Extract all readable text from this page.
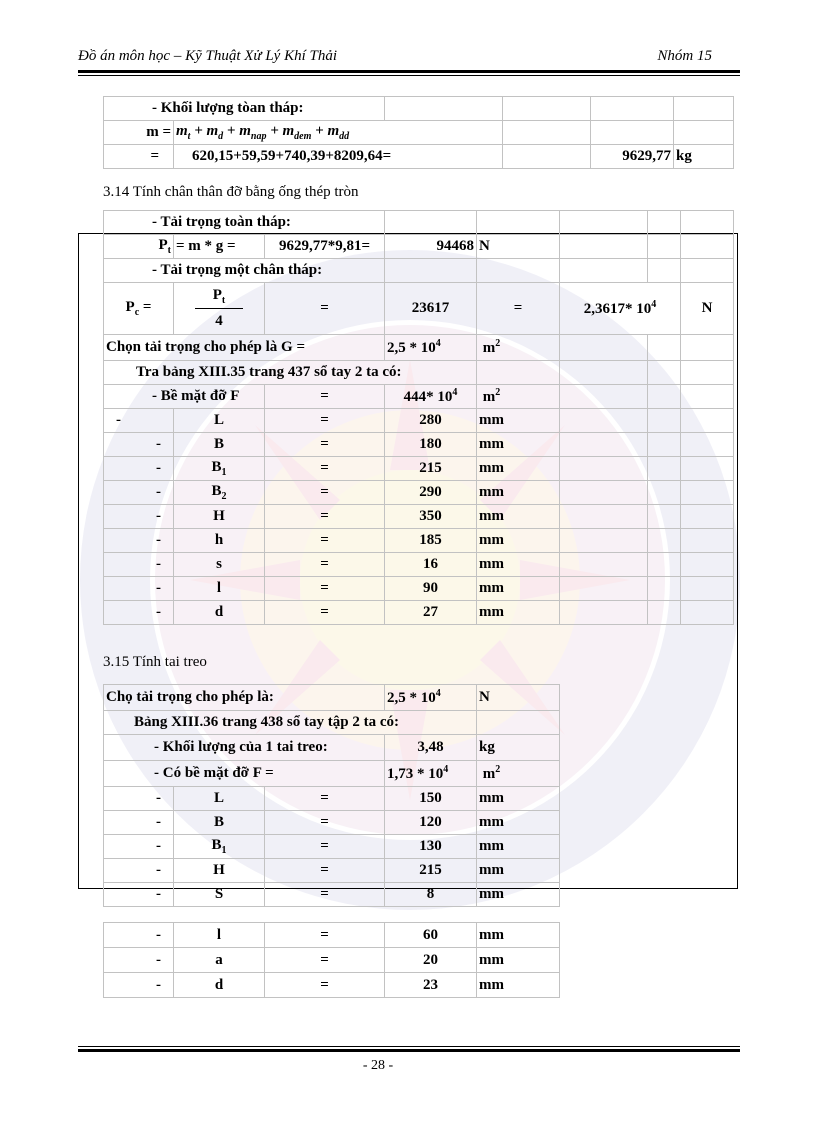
Đồ án môn học – Kỹ Thuật Xử Lý Khí Thải	Nhóm 15
- Khối lượng tòan tháp:					
m =	$m_t + m_d + m_{nap} + m_{dem} + m_{dd}$			
=	620,15+59,59+740,39+8209,64=			9629,77	kg
3.14 Tính chân thân đỡ bằng ống thép tròn
- Tải trọng toàn tháp:							
$P_t$	= m * g =	9629,77*9,81=	94468	N			
- Tải trọng một chân tháp:							
$P_c$ =	$\frac{P_t}{4}$	=	23617	=	2,3617* $10^4$		N
Chọn tải trọng cho phép là G =			$2,5 * 10^4$	$m^2$			
Tra bảng XIII.35 trang 437 sổ tay 2 ta có:							
- Bề mặt đỡ F		=	444* $10^4$	$m^2$			
-	L	=	280	mm			
-	B	=	180	mm			
-	$B_1$	=	215	mm			
-	$B_2$	=	290	mm			
-	H	=	350	mm			
-	h	=	185	mm			
-	s	=	16	mm			
-	l	=	90	mm			
-	d	=	27	mm			
3.15 Tính tai treo
Chọ tải trọng cho phép là:			$2,5 * 10^4$	N
Bảng XIII.36 trang 438 sổ tay tập 2 ta có:				
- Khối lượng của 1 tai treo:			3,48	kg
- Có bề mặt đỡ F =			$1,73 * 10^4$	$m^2$
-	L	=	150	mm
-	B	=	120	mm
-	$B_1$	=	130	mm
-	H	=	215	mm
-	S	=	8	mm
-	l	=	60	mm
-	a	=	20	mm
-	d	=	23	mm
- 28 -
